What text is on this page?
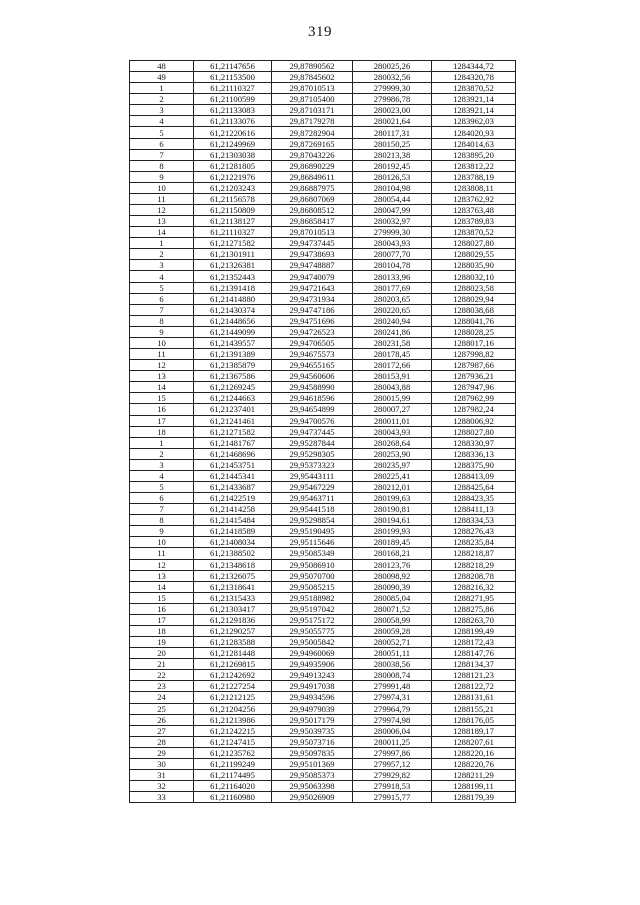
319
48	61,21147656	29,87890562	280025,26	1284344,72
49	61,21153500	29,87845602	280032,56	1284320,78
1	61,21110327	29,87010513	279999,30	1283870,52
2	61,21100599	29,87105400	279986,78	1283921,14
3	61,21133083	29,87103171	280023,00	1283921,14
4	61,21133076	29,87179278	280021,64	1283962,03
5	61,21220616	29,87282904	280117,31	1284020,93
6	61,21249969	29,87269165	280150,25	1284014,63
7	61,21303038	29,87043226	280213,38	1283895,20
8	61,21281805	29,86890229	280192,45	1283812,22
9	61,21221976	29,86849611	280126,53	1283788,19
10	61,21203243	29,86887975	280104,98	1283808,11
11	61,21156578	29,86807069	280054,44	1283762,92
12	61,21150809	29,86808512	280047,99	1283763,48
13	61,21138127	29,86858417	280032,97	1283789,83
14	61,21110327	29,87010513	279999,30	1283870,52
1	61,21271582	29,94737445	280043,93	1288027,80
2	61,21301911	29,94738693	280077,70	1288029,55
3	61,21326381	29,94748887	280104,78	1288035,90
4	61,21352443	29,94740079	280133,96	1288032,10
5	61,21391418	29,94721643	280177,69	1288023,58
6	61,21414880	29,94731934	280203,65	1288029,94
7	61,21430374	29,94747186	280220,65	1288038,68
8	61,21448656	29,94751696	280240,94	1288041,76
9	61,21449099	29,94726523	280241,86	1288028,25
10	61,21439557	29,94706505	280231,58	1288017,16
11	61,21391389	29,94675573	280178,45	1287998,82
12	61,21385879	29,94655165	280172,66	1287987,66
13	61,21367586	29,94560606	280153,91	1287936,21
14	61,21269245	29,94588990	280043,88	1287947,96
15	61,21244663	29,94618596	280015,99	1287962,99
16	61,21237401	29,94654899	280007,27	1287982,24
17	61,21241461	29,94700576	280011,01	1288006,92
18	61,21271582	29,94737445	280043,93	1288027,80
1	61,21481767	29,95287844	280268,64	1288330,97
2	61,21468696	29,95298305	280253,90	1288336,13
3	61,21453751	29,95373323	280235,97	1288375,90
4	61,21445341	29,95443111	280225,41	1288413,09
5	61,21433687	29,95467229	280212,01	1288425,64
6	61,21422519	29,95463711	280199,63	1288423,35
7	61,21414258	29,95441518	280190,81	1288411,13
8	61,21415484	29,95298854	280194,61	1288334,53
9	61,21418589	29,95190495	280199,93	1288276,43
10	61,21408034	29,95115646	280189,45	1288235,84
11	61,21388502	29,95085349	280168,21	1288218,87
12	61,21348618	29,95086910	280123,76	1288218,29
13	61,21326075	29,95070700	280098,92	1288208,78
14	61,21318641	29,95085215	280090,39	1288216,32
15	61,21315433	29,95188982	280085,04	1288271,95
16	61,21303417	29,95197042	280071,52	1288275,86
17	61,21291836	29,95175172	280058,99	1288263,70
18	61,21290257	29,95055775	280059,28	1288199,49
19	61,21283588	29,95005842	280052,71	1288172,43
20	61,21281448	29,94960069	280051,11	1288147,76
21	61,21269815	29,94935906	280038,56	1288134,37
22	61,21242692	29,94913243	280008,74	1288121,23
23	61,21227254	29,94917038	279991,48	1288122,72
24	61,21212125	29,94934596	279974,31	1288131,61
25	61,21204256	29,94979039	279964,79	1288155,21
26	61,21213986	29,95017179	279974,98	1288176,05
27	61,21242215	29,95039735	280006,04	1288189,17
28	61,21247415	29,95073716	280011,25	1288207,61
29	61,21235762	29,95097835	279997,86	1288220,16
30	61,21199249	29,95101369	279957,12	1288220,76
31	61,21174495	29,95085373	279929,82	1288211,29
32	61,21164020	29,95063398	279918,53	1288199,11
33	61,21160980	29,95026909	279915,77	1288179,39
